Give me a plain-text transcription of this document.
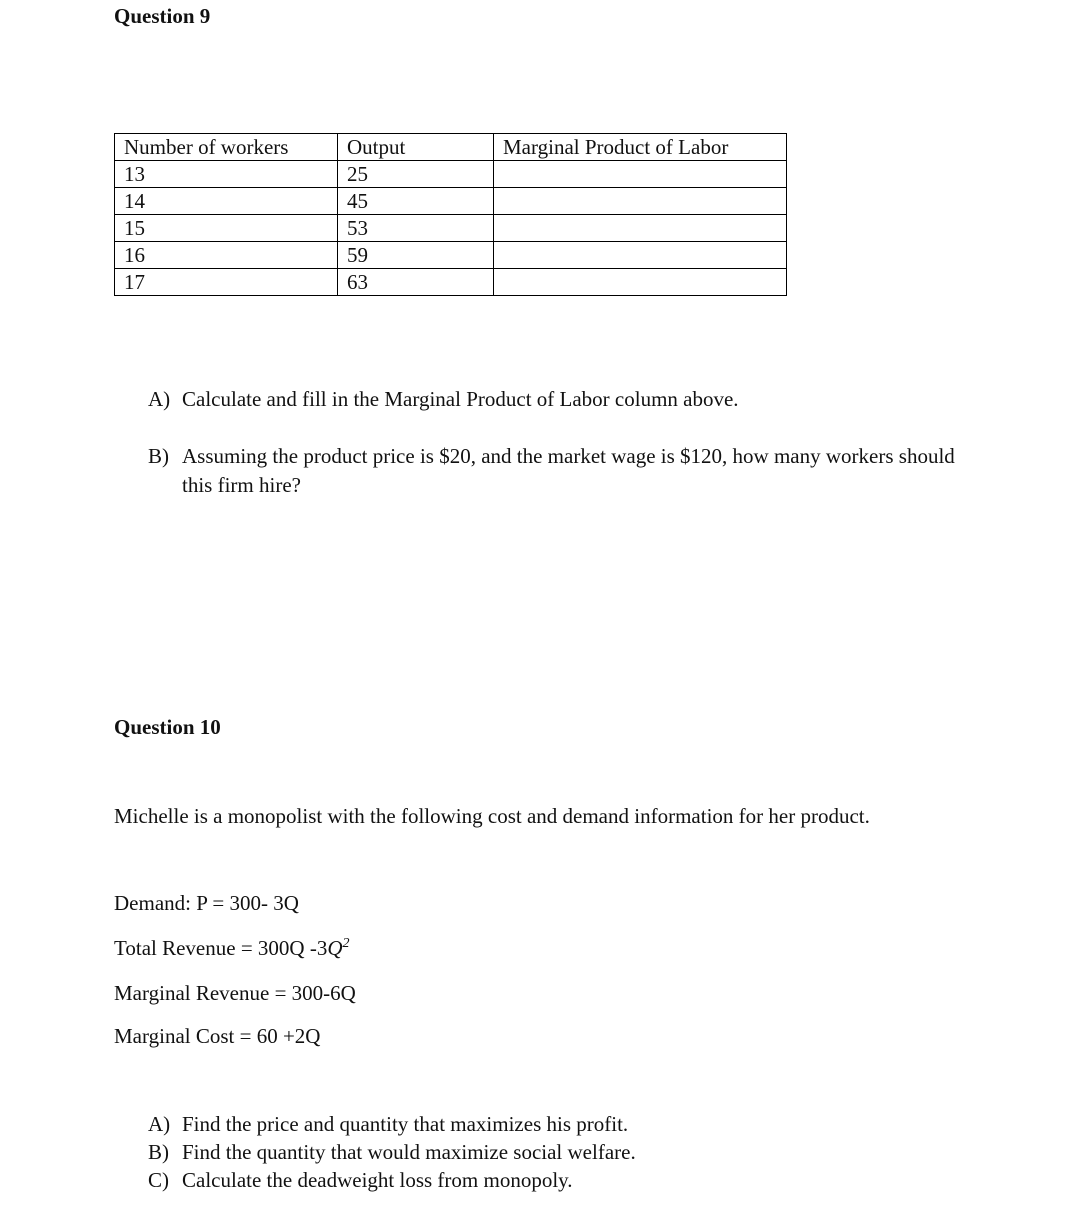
Question 9
Number of workers	Output	Marginal Product of Labor
13	25	
14	45	
15	53	
16	59	
17	63	
A) Calculate and fill in the Marginal Product of Labor column above.
B) Assuming the product price is $20, and the market wage is $120, how many workers should this firm hire?
Question 10
Michelle is a monopolist with the following cost and demand information for her product.
Demand: P = 300- 3Q
Total Revenue = 300Q $-3Q^2$
Marginal Revenue = 300-6Q
Marginal Cost = 60 +2Q
A) Find the price and quantity that maximizes his profit.
B) Find the quantity that would maximize social welfare.
C) Calculate the deadweight loss from monopoly.
